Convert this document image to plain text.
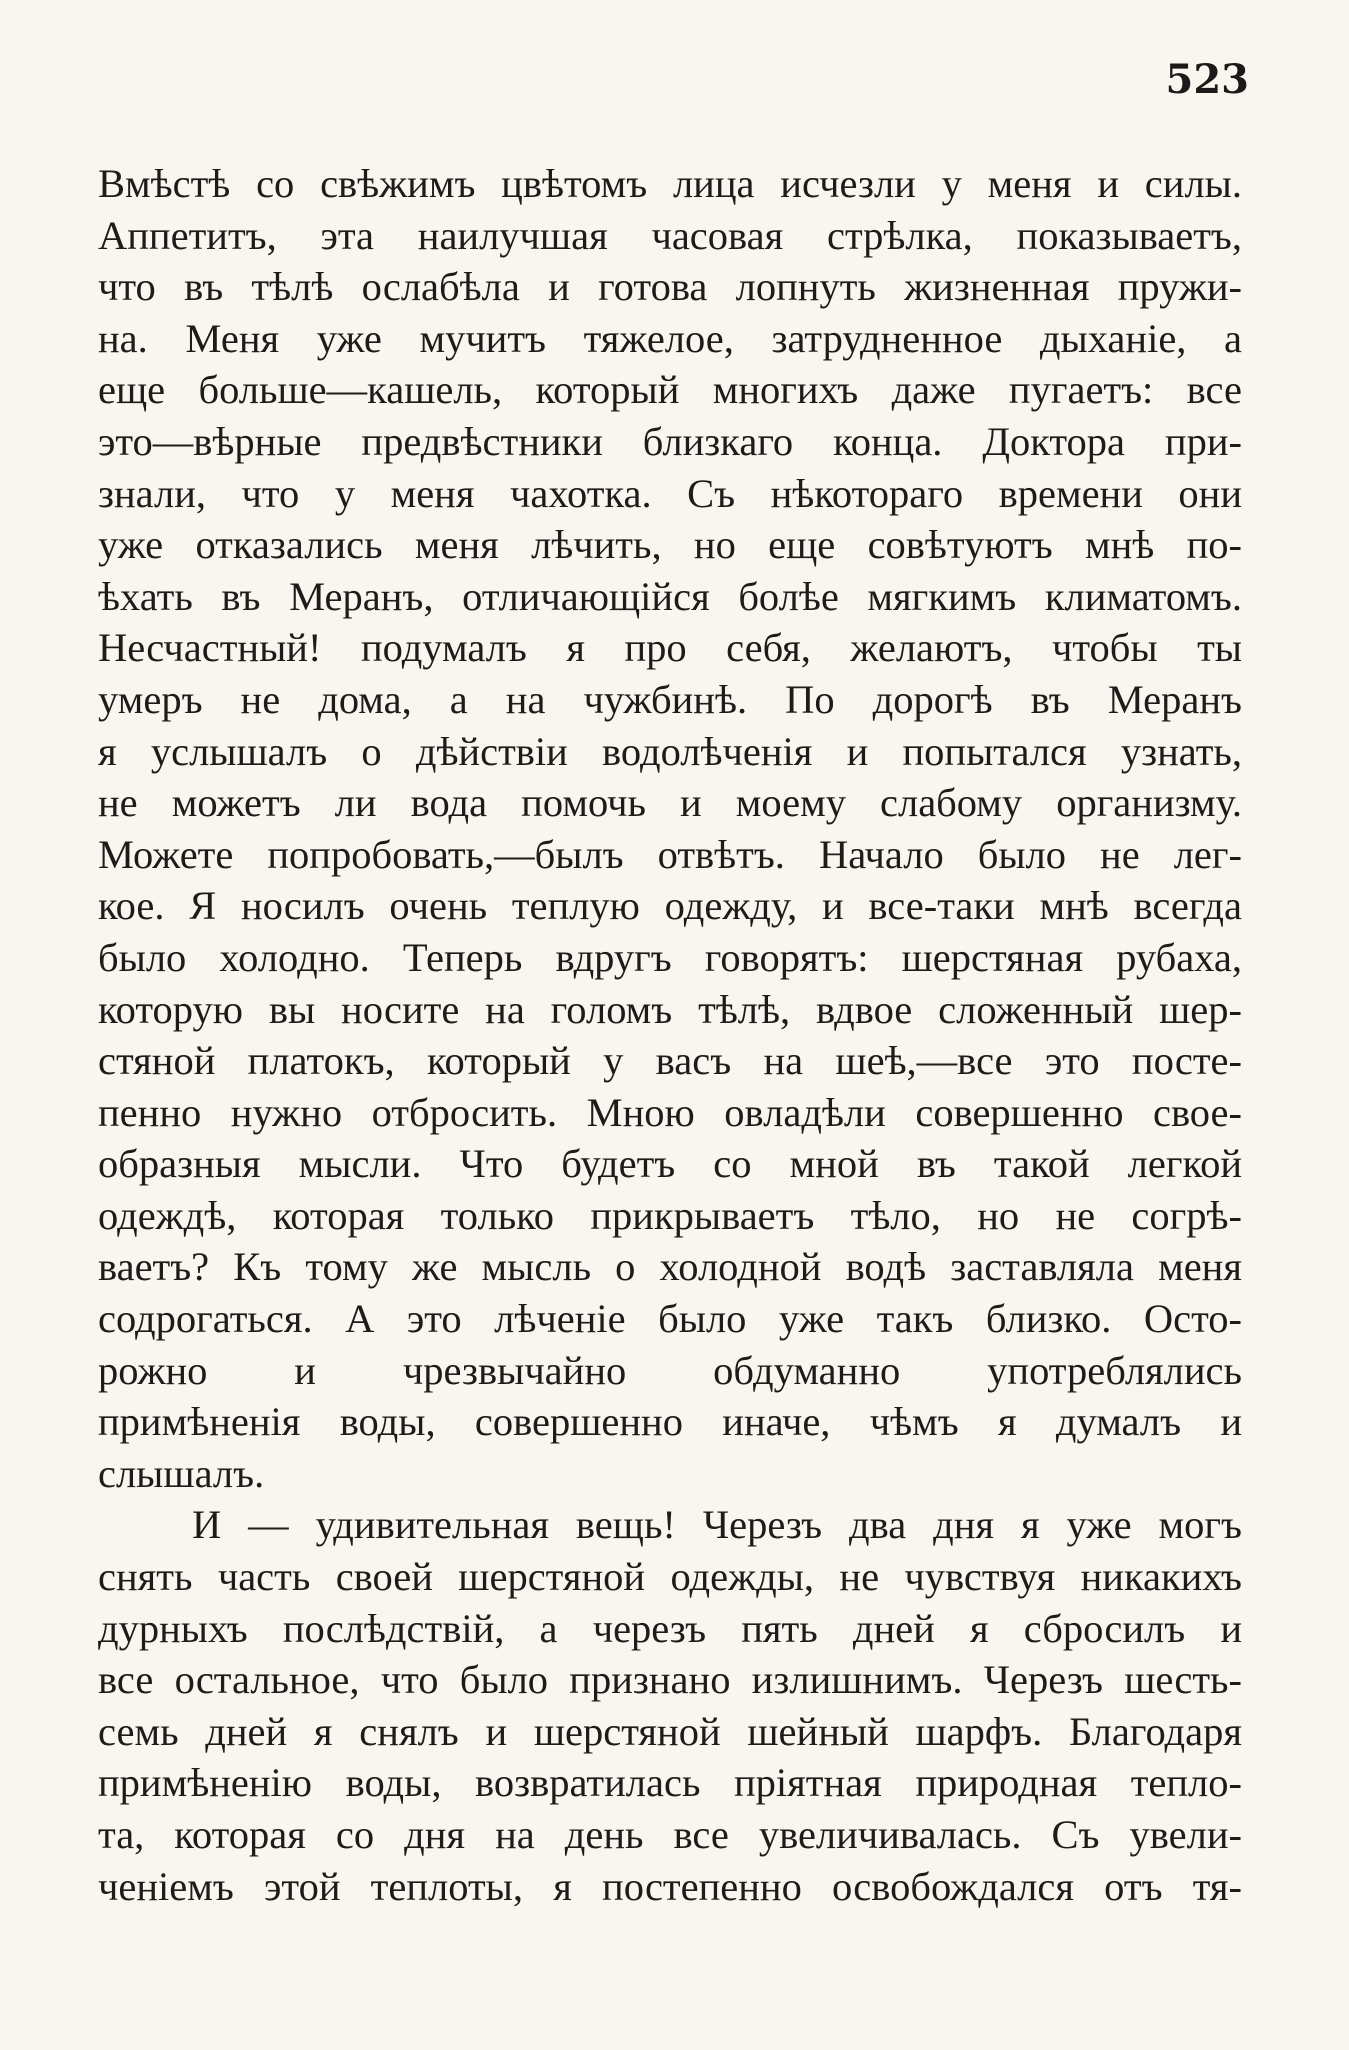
523
Вмѣстѣ со свѣжимъ цвѣтомъ лица исчезли у меня и силы.
Аппетитъ, эта наилучшая часовая стрѣлка, показываетъ,
что въ тѣлѣ ослабѣла и готова лопнуть жизненная пружи-
на. Меня уже мучитъ тяжелое, затрудненное дыханіе, а
еще больше—кашель, который многихъ даже пугаетъ: все
это—вѣрные предвѣстники близкаго конца. Доктора при-
знали, что у меня чахотка. Съ нѣкотораго времени они
уже отказались меня лѣчить, но еще совѣтуютъ мнѣ по-
ѣхать въ Меранъ, отличающійся болѣе мягкимъ климатомъ.
Несчастный! подумалъ я про себя, желаютъ, чтобы ты
умеръ не дома, а на чужбинѣ. По дорогѣ въ Меранъ
я услышалъ о дѣйствіи водолѣченія и попытался узнать,
не можетъ ли вода помочь и моему слабому организму.
Можете попробовать,—былъ отвѣтъ. Начало было не лег-
кое. Я носилъ очень теплую одежду, и все-таки мнѣ всегда
было холодно. Теперь вдругъ говорятъ: шерстяная рубаха,
которую вы носите на голомъ тѣлѣ, вдвое сложенный шер-
стяной платокъ, который у васъ на шеѣ,—все это посте-
пенно нужно отбросить. Мною овладѣли совершенно свое-
образныя мысли. Что будетъ со мной въ такой легкой
одеждѣ, которая только прикрываетъ тѣло, но не согрѣ-
ваетъ? Къ тому же мысль о холодной водѣ заставляла меня
содрогаться. А это лѣченіе было уже такъ близко. Осто-
рожно и чрезвычайно обдуманно употреблялись
примѣненія воды, совершенно иначе, чѣмъ я думалъ и
слышалъ.
И — удивительная вещь! Черезъ два дня я уже могъ
снять часть своей шерстяной одежды, не чувствуя никакихъ
дурныхъ послѣдствій, а черезъ пять дней я сбросилъ и
все остальное, что было признано излишнимъ. Черезъ шесть-
семь дней я снялъ и шерстяной шейный шарфъ. Благодаря
примѣненію воды, возвратилась пріятная природная тепло-
та, которая со дня на день все увеличивалась. Съ увели-
ченіемъ этой теплоты, я постепенно освобождался отъ тя-
